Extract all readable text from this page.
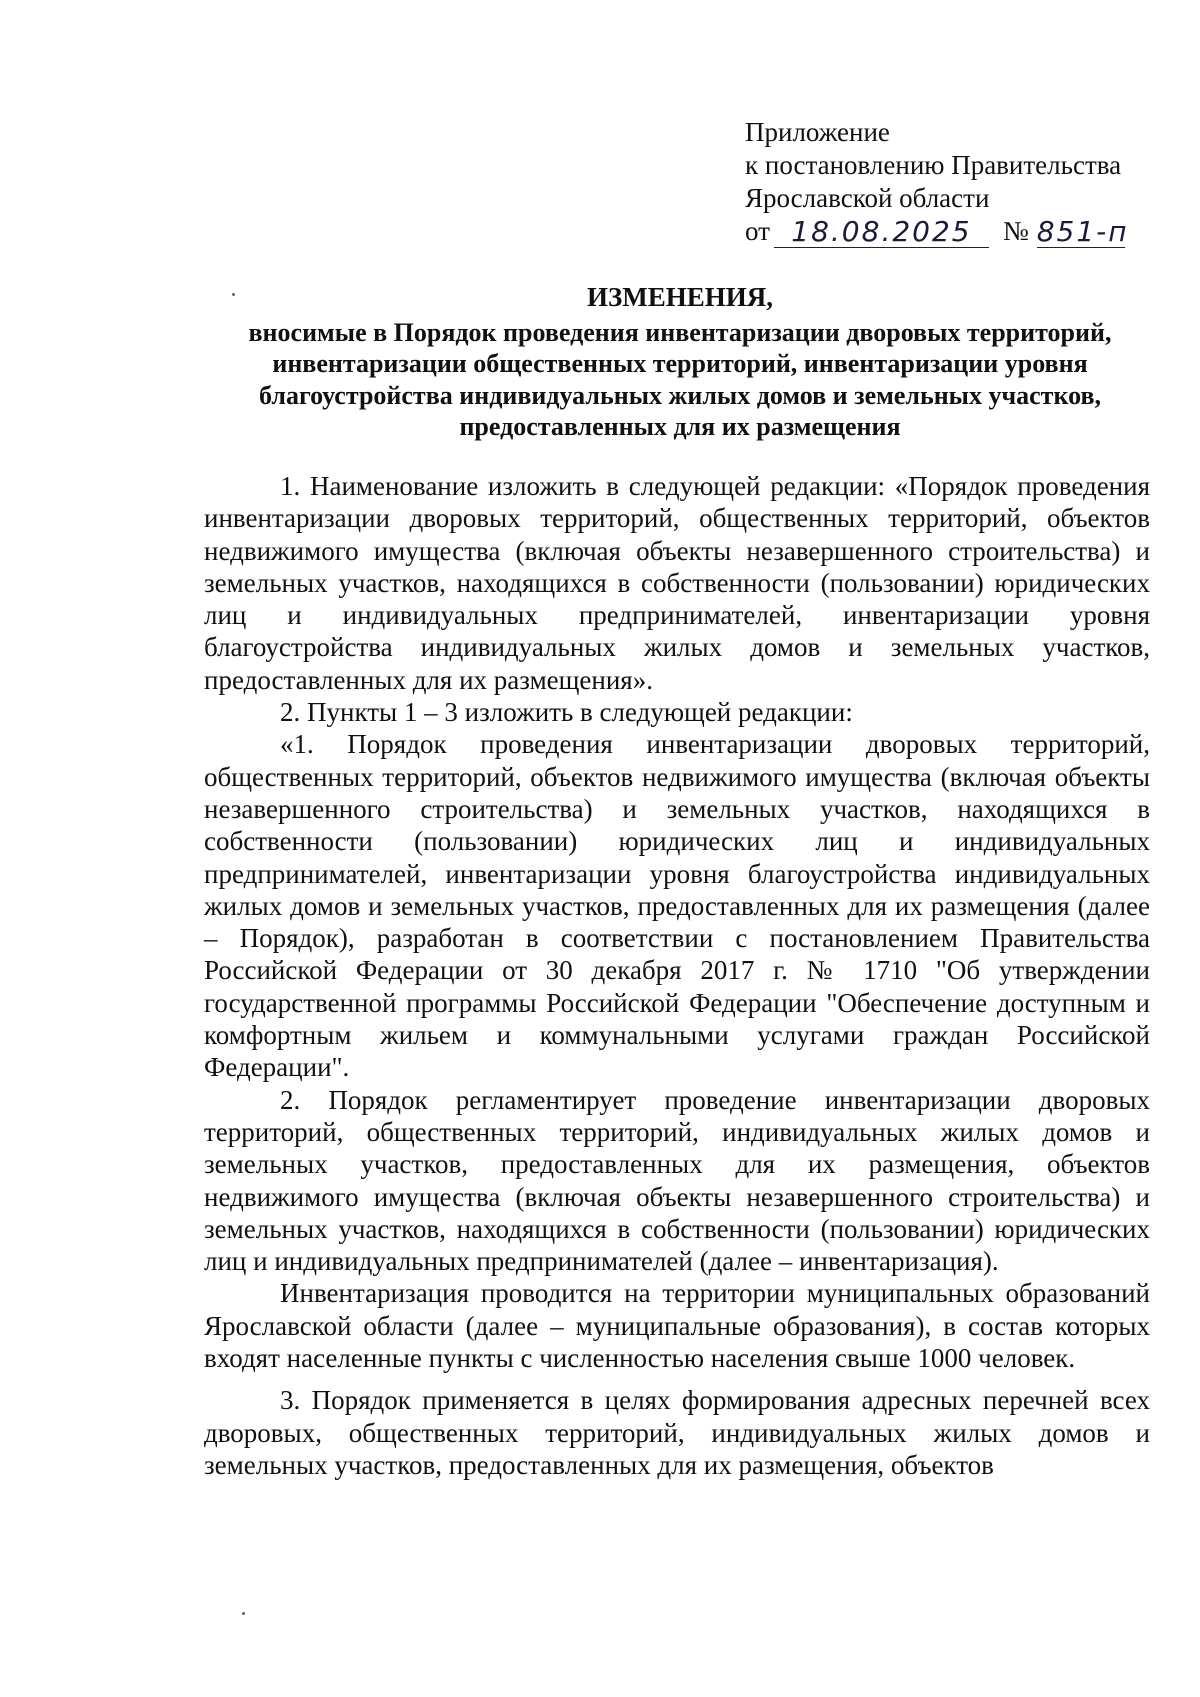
Приложение
к постановлению Правительства
Ярославской области
от 18.08.2025	№ 851-п
ИЗМЕНЕНИЯ,
вносимые в Порядок проведения инвентаризации дворовых территорий, инвентаризации общественных территорий, инвентаризации уровня благоустройства индивидуальных жилых домов и земельных участков, предоставленных для их размещения

1. Наименование изложить в следующей редакции: «Порядок проведения инвентаризации дворовых территорий, общественных территорий, объектов недвижимого имущества (включая объекты незавершенного строительства) и земельных участков, находящихся в собственности (пользовании) юридических лиц и индивидуальных предпринимателей, инвентаризации уровня благоустройства индивидуальных жилых домов и земельных участков, предоставленных для их размещения».

2. Пункты 1 – 3 изложить в следующей редакции:

«1. Порядок проведения инвентаризации дворовых территорий, общественных территорий, объектов недвижимого имущества (включая объекты незавершенного строительства) и земельных участков, находящихся в собственности (пользовании) юридических лиц и индивидуальных предпринимателей, инвентаризации уровня благоустройства индивидуальных жилых домов и земельных участков, предоставленных для их размещения (далее – Порядок), разработан в соответствии с постановлением Правительства Российской Федерации от 30 декабря 2017 г. № 1710 "Об утверждении государственной программы Российской Федерации "Обеспечение доступным и комфортным жильем и коммунальными услугами граждан Российской Федерации".

2. Порядок регламентирует проведение инвентаризации дворовых территорий, общественных территорий, индивидуальных жилых домов и земельных участков, предоставленных для их размещения, объектов недвижимого имущества (включая объекты незавершенного строительства) и земельных участков, находящихся в собственности (пользовании) юридических лиц и индивидуальных предпринимателей (далее – инвентаризация).

Инвентаризация проводится на территории муниципальных образований Ярославской области (далее – муниципальные образования), в состав которых входят населенные пункты с численностью населения свыше 1000 человек.

3. Порядок применяется в целях формирования адресных перечней всех дворовых, общественных территорий, индивидуальных жилых домов и земельных участков, предоставленных для их размещения, объектов
